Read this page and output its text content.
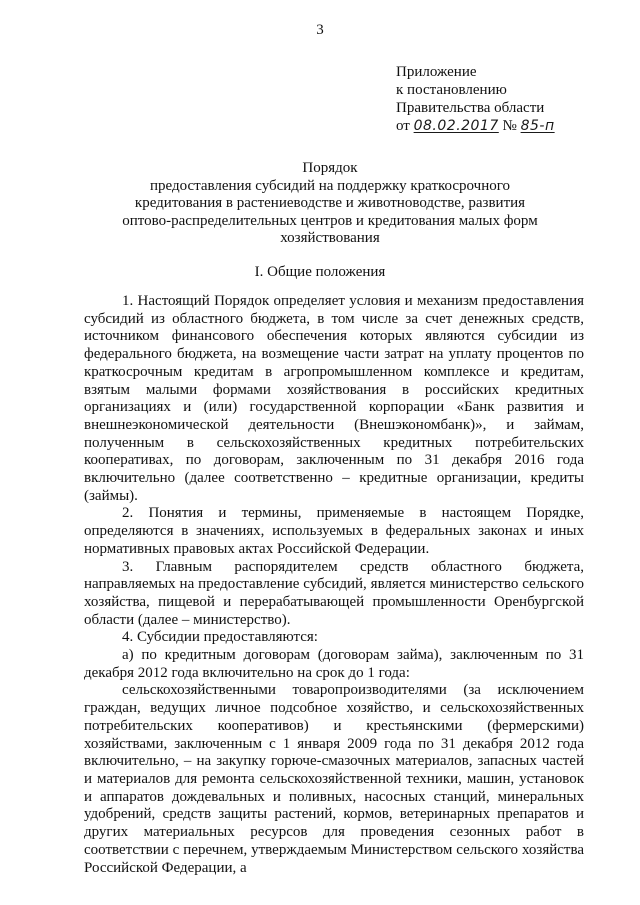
3
Приложение
к постановлению
Правительства области
от 08.02.2017 № 85-п
Порядок
предоставления субсидий на поддержку краткосрочного
кредитования в растениеводстве и животноводстве, развития
оптово-распределительных центров и кредитования малых форм
хозяйствования
I. Общие положения

1. Настоящий Порядок определяет условия и механизм предоставления субсидий из областного бюджета, в том числе за счет денежных средств, источником финансового обеспечения которых являются субсидии из федерального бюджета, на возмещение части затрат на уплату процентов по краткосрочным кредитам в агропромышленном комплексе и кредитам, взятым малыми формами хозяйствования в российских кредитных организациях и (или) государственной корпорации «Банк развития и внешнеэкономической деятельности (Внешэкономбанк)», и займам, полученным в сельскохозяйственных кредитных потребительских кооперативах, по договорам, заключенным по 31 декабря 2016 года включительно (далее соответственно – кредитные организации, кредиты (займы).

2. Понятия и термины, применяемые в настоящем Порядке, определяются в значениях, используемых в федеральных законах и иных нормативных правовых актах Российской Федерации.

3. Главным распорядителем средств областного бюджета, направляемых на предоставление субсидий, является министерство сельского хозяйства, пищевой и перерабатывающей промышленности Оренбургской области (далее – министерство).

4. Субсидии предоставляются:

а) по кредитным договорам (договорам займа), заключенным по 31 декабря 2012 года включительно на срок до 1 года:

сельскохозяйственными товаропроизводителями (за исключением граждан, ведущих личное подсобное хозяйство, и сельскохозяйственных потребительских кооперативов) и крестьянскими (фермерскими) хозяйствами, заключенным с 1 января 2009 года по 31 декабря 2012 года включительно, – на закупку горюче-смазочных материалов, запасных частей и материалов для ремонта сельскохозяйственной техники, машин, установок и аппаратов дождевальных и поливных, насосных станций, минеральных удобрений, средств защиты растений, кормов, ветеринарных препаратов и других материальных ресурсов для проведения сезонных работ в соответствии с перечнем, утверждаемым Министерством сельского хозяйства Российской Федерации, а
